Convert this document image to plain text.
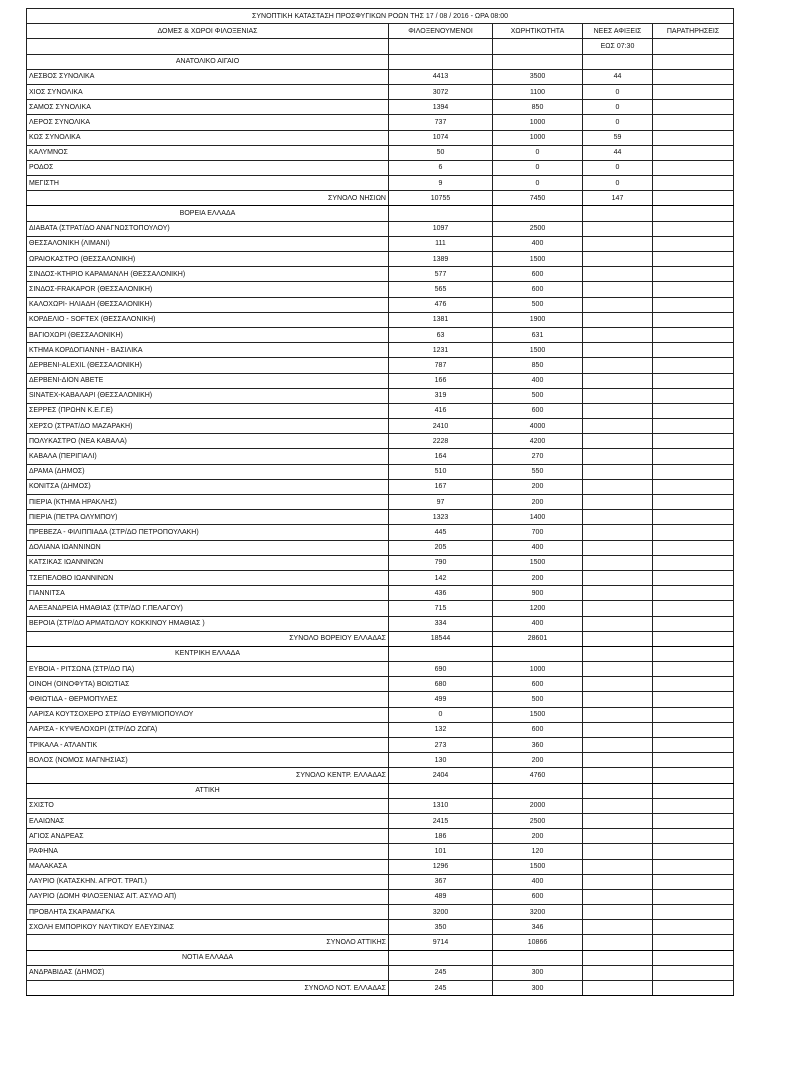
ΣΥΝΟΠΤΙΚΗ ΚΑΤΑΣΤΑΣΗ ΠΡΟΣΦΥΓΙΚΩΝ ΡΟΩΝ ΤΗΣ 17 / 08 / 2016 - ΩΡΑ 08:00				
ΔΟΜΕΣ & ΧΩΡΟΙ ΦΙΛΟΞΕΝΙΑΣ	ΦΙΛΟΞΕΝΟΥΜΕΝΟΙ	ΧΩΡΗΤΙΚΟΤΗΤΑ	ΝΕΕΣ ΑΦΙΞΕΙΣ	ΠΑΡΑΤΗΡΗΣΕΙΣ
			ΕΩΣ 07:30	
ΑΝΑΤΟΛΙΚΟ ΑΙΓΑΙΟ				
ΛΕΣΒΟΣ ΣΥΝΟΛΙΚΑ	4413	3500	44	
ΧΙΟΣ ΣΥΝΟΛΙΚΑ	3072	1100	0	
ΣΑΜΟΣ ΣΥΝΟΛΙΚΑ	1394	850	0	
ΛΕΡΟΣ ΣΥΝΟΛΙΚΑ	737	1000	0	
ΚΩΣ ΣΥΝΟΛΙΚΑ	1074	1000	59	
ΚΑΛΥΜΝΟΣ	50	0	44	
ΡΟΔΟΣ	6	0	0	
ΜΕΓΙΣΤΗ	9	0	0	
ΣΥΝΟΛΟ ΝΗΣΙΩΝ	10755	7450	147	
ΒΟΡΕΙΑ ΕΛΛΑΔΑ				
ΔΙΑΒΑΤΑ (ΣΤΡΑΤ/ΔΟ ΑΝΑΓΝΩΣΤΟΠΟΥΛΟΥ)	1097	2500		
ΘΕΣΣΑΛΟΝΙΚΗ (ΛΙΜΑΝΙ)	111	400		
ΩΡΑΙΟΚΑΣΤΡΟ (ΘΕΣΣΑΛΟΝΙΚΗ)	1389	1500		
ΣΙΝΔΟΣ-ΚΤΗΡΙΟ ΚΑΡΑΜΑΝΛΗ (ΘΕΣΣΑΛΟΝΙΚΗ)	577	600		
ΣΙΝΔΟΣ-FRAKAPOR (ΘΕΣΣΑΛΟΝΙΚΗ)	565	600		
ΚΑΛΟΧΩΡΙ- ΗΛΙΑΔΗ (ΘΕΣΣΑΛΟΝΙΚΗ)	476	500		
ΚΟΡΔΕΛΙΟ - SOFTEX (ΘΕΣΣΑΛΟΝΙΚΗ)	1381	1900		
ΒΑΓΙΟΧΩΡΙ (ΘΕΣΣΑΛΟΝΙΚΗ)	63	631		
ΚΤΗΜΑ ΚΟΡΔΟΓΙΑΝΝΗ - ΒΑΣΙΛΙΚΑ	1231	1500		
ΔΕΡΒΕΝΙ-ALEXIL (ΘΕΣΣΑΛΟΝΙΚΗ)	787	850		
ΔΕΡΒΕΝΙ-ΔΙΟΝ ΑΒΕΤΕ	166	400		
SINATEX-ΚΑΒΑΛΑΡΙ (ΘΕΣΣΑΛΟΝΙΚΗ)	319	500		
ΣΕΡΡΕΣ (ΠΡΩΗΝ Κ.Ε.Γ.Ε)	416	600		
ΧΕΡΣΟ (ΣΤΡΑΤ/ΔΟ ΜΑΖΑΡΑΚΗ)	2410	4000		
ΠΟΛΥΚΑΣΤΡΟ (ΝΕΑ ΚΑΒΑΛΑ)	2228	4200		
ΚΑΒΑΛΑ (ΠΕΡΙΓΙΑΛΙ)	164	270		
ΔΡΑΜΑ (ΔΗΜΟΣ)	510	550		
ΚΟΝΙΤΣΑ (ΔΗΜΟΣ)	167	200		
ΠΙΕΡΙΑ (ΚΤΗΜΑ ΗΡΑΚΛΗΣ)	97	200		
ΠΙΕΡΙΑ (ΠΕΤΡΑ ΟΛΥΜΠΟΥ)	1323	1400		
ΠΡΕΒΕΖΑ - ΦΙΛΙΠΠΙΑΔΑ (ΣΤΡ/ΔΟ ΠΕΤΡΟΠΟΥΛΑΚΗ)	445	700		
ΔΟΛΙΑΝΑ ΙΩΑΝΝΙΝΩΝ	205	400		
ΚΑΤΣΙΚΑΣ ΙΩΑΝΝΙΝΩΝ	790	1500		
ΤΣΕΠΕΛΟΒΟ ΙΩΑΝΝΙΝΩΝ	142	200		
ΓΙΑΝΝΙΤΣΑ	436	900		
ΑΛΕΞΑΝΔΡΕΙΑ ΗΜΑΘΙΑΣ (ΣΤΡ/ΔΟ Γ.ΠΕΛΑΓΟΥ)	715	1200		
ΒΕΡΟΙΑ (ΣΤΡ/ΔΟ ΑΡΜΑΤΩΛΟΥ ΚΟΚΚΙΝΟΥ ΗΜΑΘΙΑΣ )	334	400		
ΣΥΝΟΛΟ ΒΟΡΕΙΟΥ ΕΛΛΑΔΑΣ	18544	28601		
ΚΕΝΤΡΙΚΗ ΕΛΛΑΔΑ				
ΕΥΒΟΙΑ - ΡΙΤΣΩΝΑ (ΣΤΡ/ΔΟ ΠΑ)	690	1000		
ΟΙΝΟΗ (ΟΙΝΟΦΥΤΑ) ΒΟΙΩΤΙΑΣ	680	600		
ΦΘΙΩΤΙΔΑ - ΘΕΡΜΟΠΥΛΕΣ	499	500		
ΛΑΡΙΣΑ ΚΟΥΤΣΟΧΕΡΟ ΣΤΡ/ΔΟ ΕΥΘΥΜΙΟΠΟΥΛΟΥ	0	1500		
ΛΑΡΙΣΑ - ΚΥΨΕΛΟΧΩΡΙ (ΣΤΡ/ΔΟ ΖΩΓΑ)	132	600		
ΤΡΙΚΑΛΑ - ΑΤΛΑΝΤΙΚ	273	360		
ΒΟΛΟΣ (ΝΟΜΟΣ ΜΑΓΝΗΣΙΑΣ)	130	200		
ΣΥΝΟΛΟ ΚΕΝΤΡ. ΕΛΛΑΔΑΣ	2404	4760		
ΑΤΤΙΚΗ				
ΣΧΙΣΤΟ	1310	2000		
ΕΛΑΙΩΝΑΣ	2415	2500		
ΑΓΙΟΣ ΑΝΔΡΕΑΣ	186	200		
ΡΑΦΗΝΑ	101	120		
ΜΑΛΑΚΑΣΑ	1296	1500		
ΛΑΥΡΙΟ (ΚΑΤΑΣΚΗΝ. ΑΓΡΟΤ. ΤΡΑΠ.)	367	400		
ΛΑΥΡΙΟ (ΔΟΜΗ ΦΙΛΟΞΕΝΙΑΣ ΑΙΤ. ΑΣΥΛΟ ΑΠ)	489	600		
ΠΡΟΒΛΗΤΑ ΣΚΑΡΑΜΑΓΚΑ	3200	3200		
ΣΧΟΛΗ ΕΜΠΟΡΙΚΟΥ ΝΑΥΤΙΚΟΥ ΕΛΕΥΣΙΝΑΣ	350	346		
ΣΥΝΟΛΟ ΑΤΤΙΚΗΣ	9714	10866		
ΝΟΤΙΑ ΕΛΛΑΔΑ				
ΑΝΔΡΑΒΙΔΑΣ (ΔΗΜΟΣ)	245	300		
ΣΥΝΟΛΟ ΝΟΤ. ΕΛΛΑΔΑΣ	245	300		
